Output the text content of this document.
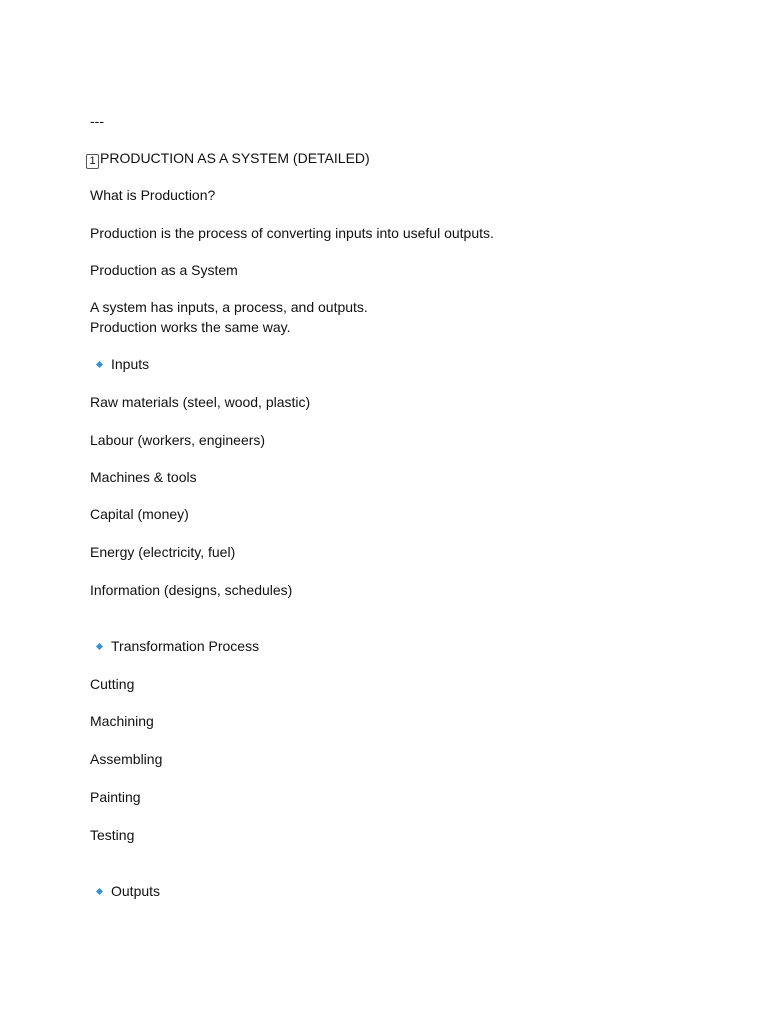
---
1 PRODUCTION AS A SYSTEM (DETAILED)
What is Production?
Production is the process of converting inputs into useful outputs.
Production as a System
A system has inputs, a process, and outputs.
Production works the same way.
Inputs
Raw materials (steel, wood, plastic)
Labour (workers, engineers)
Machines & tools
Capital (money)
Energy (electricity, fuel)
Information (designs, schedules)
Transformation Process
Cutting
Machining
Assembling
Painting
Testing
Outputs
